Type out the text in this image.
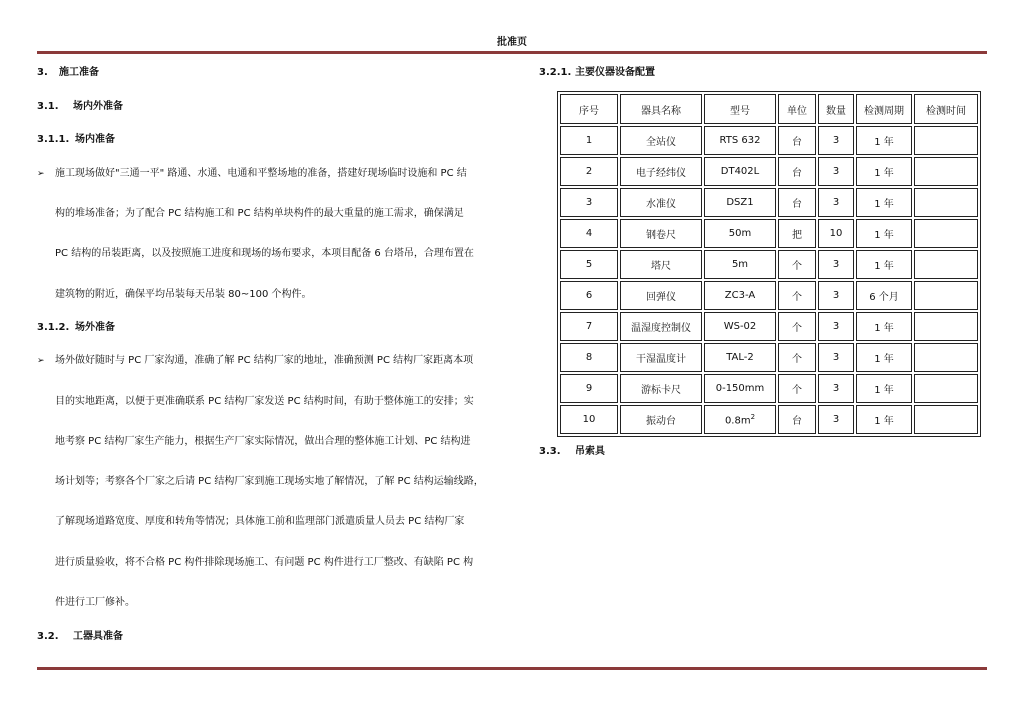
批准页
3. 施工准备
3.1. 场内外准备
3.1.1. 场内准备
➢ 施工现场做好"三通一平" 路通、水通、电通和平整场地的准备，搭建好现场临时设施和 PC 结
构的堆场准备；为了配合 PC 结构施工和 PC 结构单块构件的最大重量的施工需求，确保满足
PC 结构的吊装距离，以及按照施工进度和现场的场布要求，本项目配备 6 台塔吊，合理布置在
建筑物的附近，确保平均吊装每天吊装 80~100 个构件。
3.1.2. 场外准备
➢ 场外做好随时与 PC 厂家沟通，准确了解 PC 结构厂家的地址，准确预测 PC 结构厂家距离本项
目的实地距离，以便于更准确联系 PC 结构厂家发送 PC 结构时间，有助于整体施工的安排；实
地考察 PC 结构厂家生产能力，根据生产厂家实际情况，做出合理的整体施工计划、PC 结构进
场计划等；考察各个厂家之后请 PC 结构厂家到施工现场实地了解情况，了解 PC 结构运输线路，
了解现场道路宽度、厚度和转角等情况；具体施工前和监理部门派遣质量人员去 PC 结构厂家
进行质量验收，将不合格 PC 构件排除现场施工、有问题 PC 构件进行工厂整改、有缺陷 PC 构
件进行工厂修补。
3.2. 工器具准备
3.2.1. 主要仪器设备配置
3.3. 吊索具
序号	器具名称	型号	单位	数量	检测周期	检测时间
1	全站仪	RTS 632	台	3	1 年	
2	电子经纬仪	DT402L	台	3	1 年	
3	水准仪	DSZ1	台	3	1 年	
4	钢卷尺	50m	把	10	1 年	
5	塔尺	5m	个	3	1 年	
6	回弹仪	ZC3-A	个	3	6 个月	
7	温湿度控制仪	WS-02	个	3	1 年	
8	干湿温度计	TAL-2	个	3	1 年	
9	游标卡尺	0-150mm	个	3	1 年	
10	振动台	$0.8m^2$	台	3	1 年	
